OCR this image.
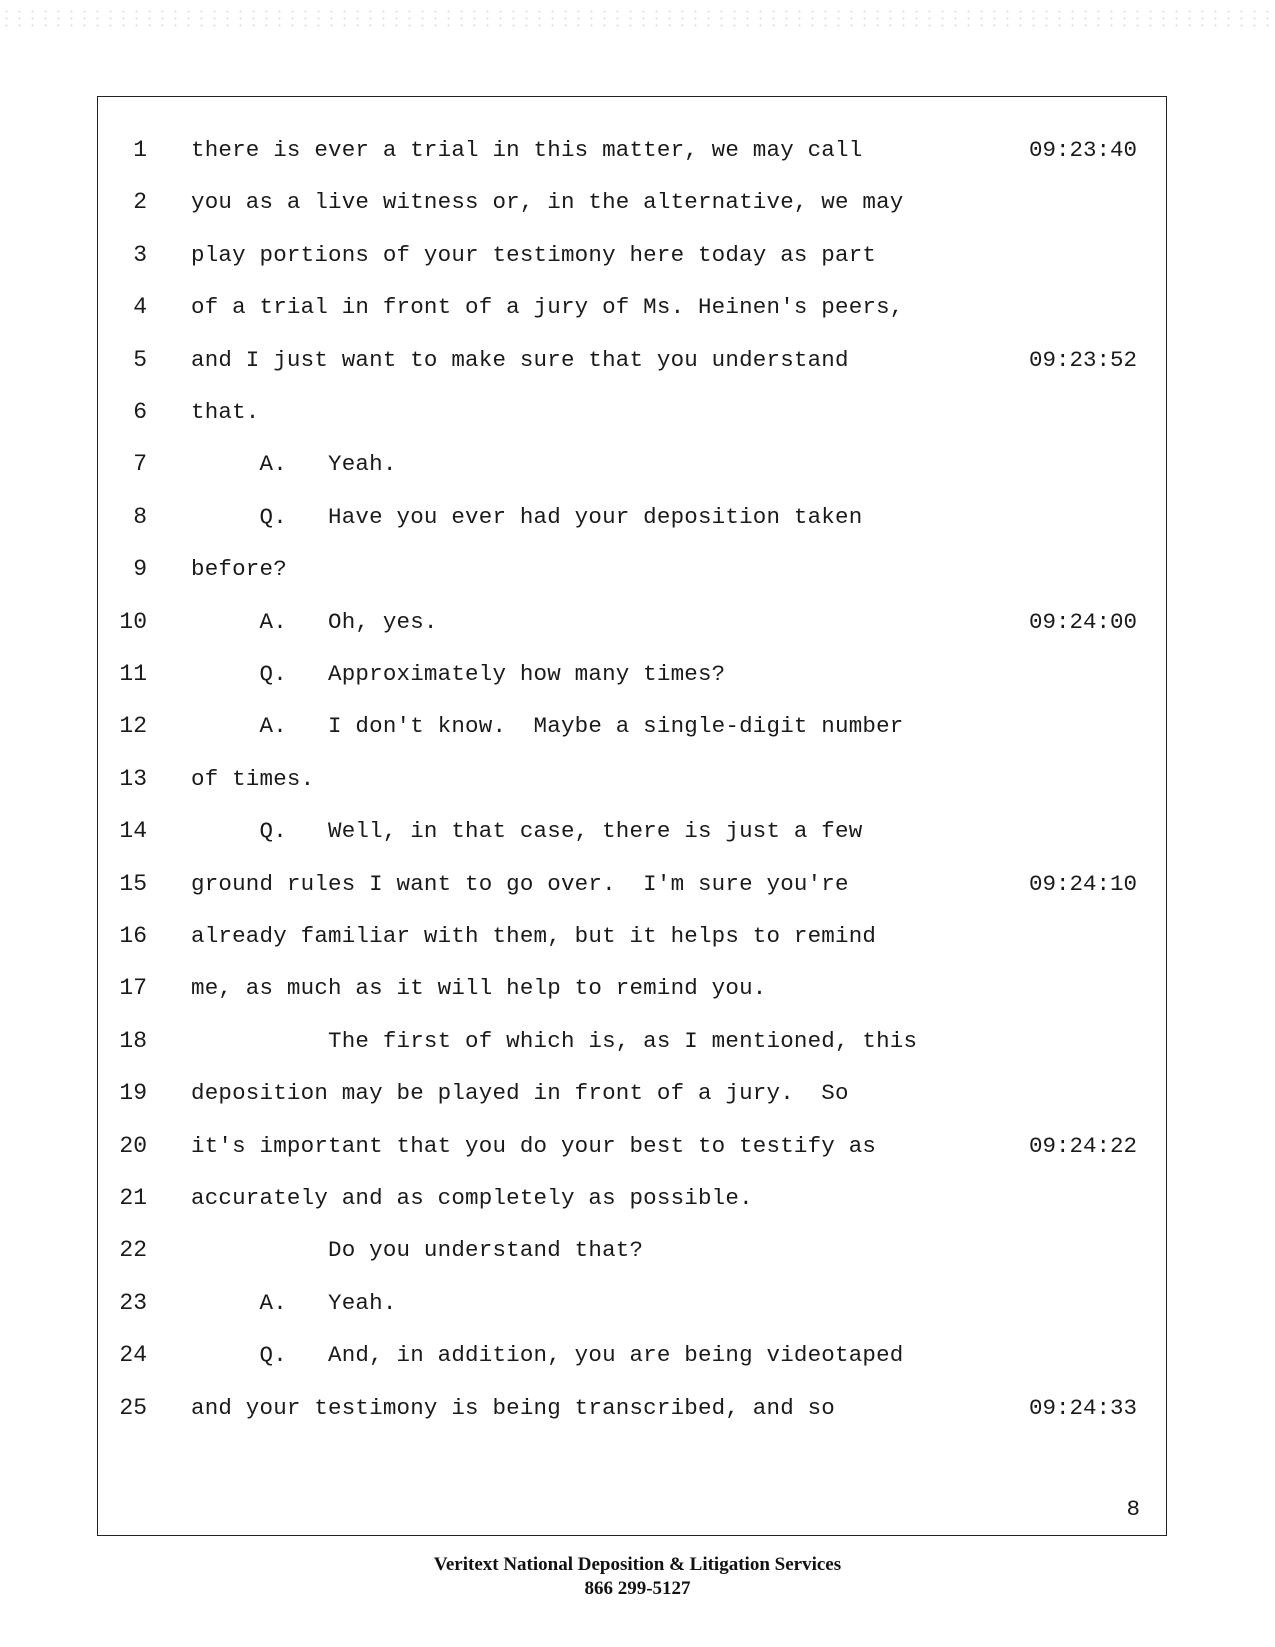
1 there is ever a trial in this matter, we may call	09:23:40
2 you as a live witness or, in the alternative, we may
3 play portions of your testimony here today as part
4 of a trial in front of a jury of Ms. Heinen's peers,
5 and I just want to make sure that you understand	09:23:52
6 that.
7 A.   Yeah.
8 Q.   Have you ever had your deposition taken
9 before?
10 A.   Oh, yes.	09:24:00
11 Q.   Approximately how many times?
12 A.   I don't know.  Maybe a single-digit number
13 of times.
14 Q.   Well, in that case, there is just a few
15 ground rules I want to go over.  I'm sure you're	09:24:10
16 already familiar with them, but it helps to remind
17 me, as much as it will help to remind you.
18 The first of which is, as I mentioned, this
19 deposition may be played in front of a jury.  So
20 it's important that you do your best to testify as	09:24:22
21 accurately and as completely as possible.
22 Do you understand that?
23 A.   Yeah.
24 Q.   And, in addition, you are being videotaped
25 and your testimony is being transcribed, and so	09:24:33
8
Veritext National Deposition & Litigation Services
866 299-5127
